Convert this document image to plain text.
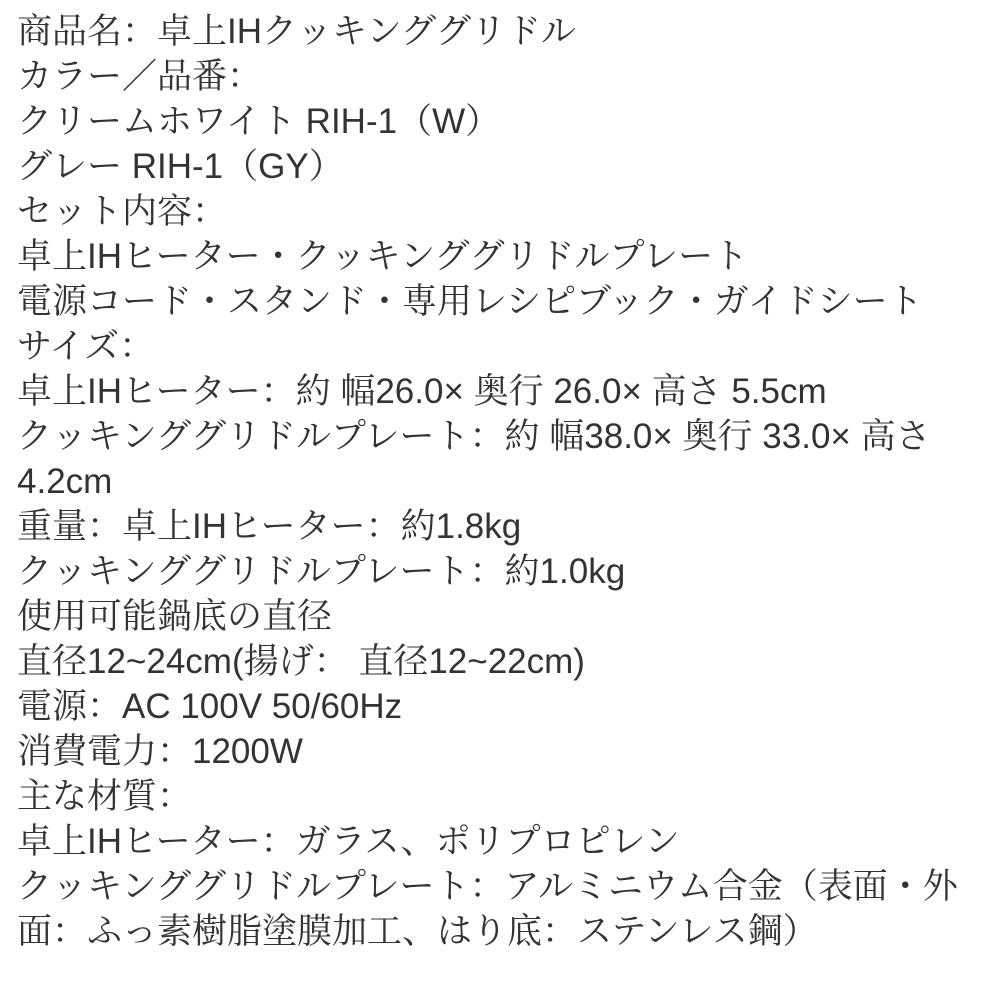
商品名：卓上IHクッキンググリドル
カラー／品番：
クリームホワイト RIH-1（W）
グレー RIH-1（GY）
セット内容：
卓上IHヒーター・クッキンググリドルプレート
電源コード・スタンド・専用レシピブック・ガイドシート
サイズ：
卓上IHヒーター：約 幅26.0× 奥行 26.0× 高さ 5.5cm
クッキンググリドルプレート：約 幅38.0× 奥行 33.0× 高さ
4.2cm
重量：卓上IHヒーター：約1.8kg
クッキンググリドルプレート：約1.0kg
使用可能鍋底の直径
直径12~24cm(揚げ： 直径12~22cm)
電源：AC 100V 50/60Hz
消費電力：1200W
主な材質：
卓上IHヒーター：ガラス、ポリプロピレン
クッキンググリドルプレート：アルミニウム合金（表面・外
面：ふっ素樹脂塗膜加工、はり底：ステンレス鋼）
